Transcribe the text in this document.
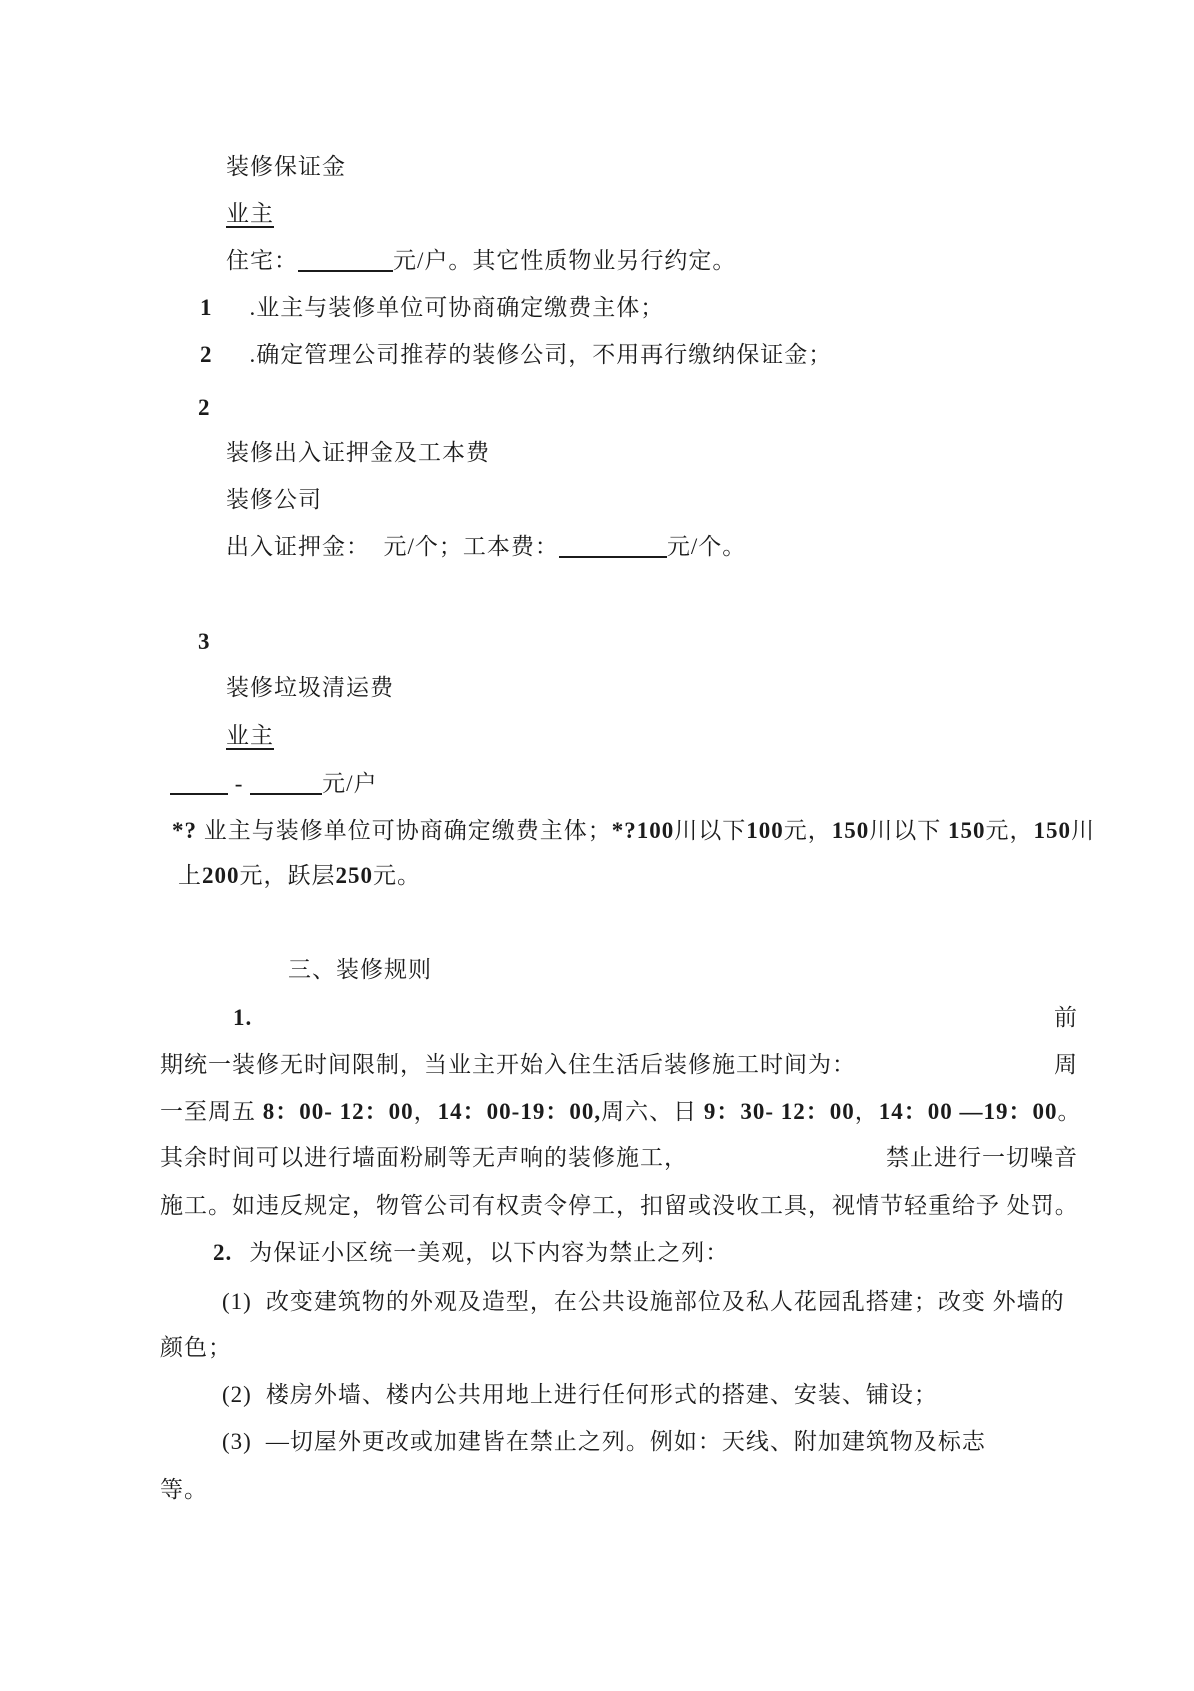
装修保证金
业主
住宅：	元/户。其它性质物业另行约定。
1 .业主与装修单位可协商确定缴费主体；
2 .确定管理公司推荐的装修公司，不用再行缴纳保证金；
2
装修出入证押金及工本费
装修公司
出入证押金：  元/个；工本费：	元/个。
3
装修垃圾清运费
业主
-	元/户
*? 业主与装修单位可协商确定缴费主体；*?100川以下100元，150川以下 150元，150川
上200元，跃层250元。
三、装修规则
1.	前
期统一装修无时间限制，当业主开始入住生活后装修施工时间为：	周
一至周五 8：00- 12：00，14：00-19：00,周六、日 9：30- 12：00，14：00 —19：00。
其余时间可以进行墙面粉刷等无声响的装修施工，	禁止进行一切噪音
施工。如违反规定，物管公司有权责令停工，扣留或没收工具，视情节轻重给予 处罚。
2. 为保证小区统一美观，以下内容为禁止之列：
(1) 改变建筑物的外观及造型，在公共设施部位及私人花园乱搭建；改变 外墙的
颜色；
(2) 楼房外墙、楼内公共用地上进行任何形式的搭建、安装、铺设；
(3) —切屋外更改或加建皆在禁止之列。例如：天线、附加建筑物及标志
等。
